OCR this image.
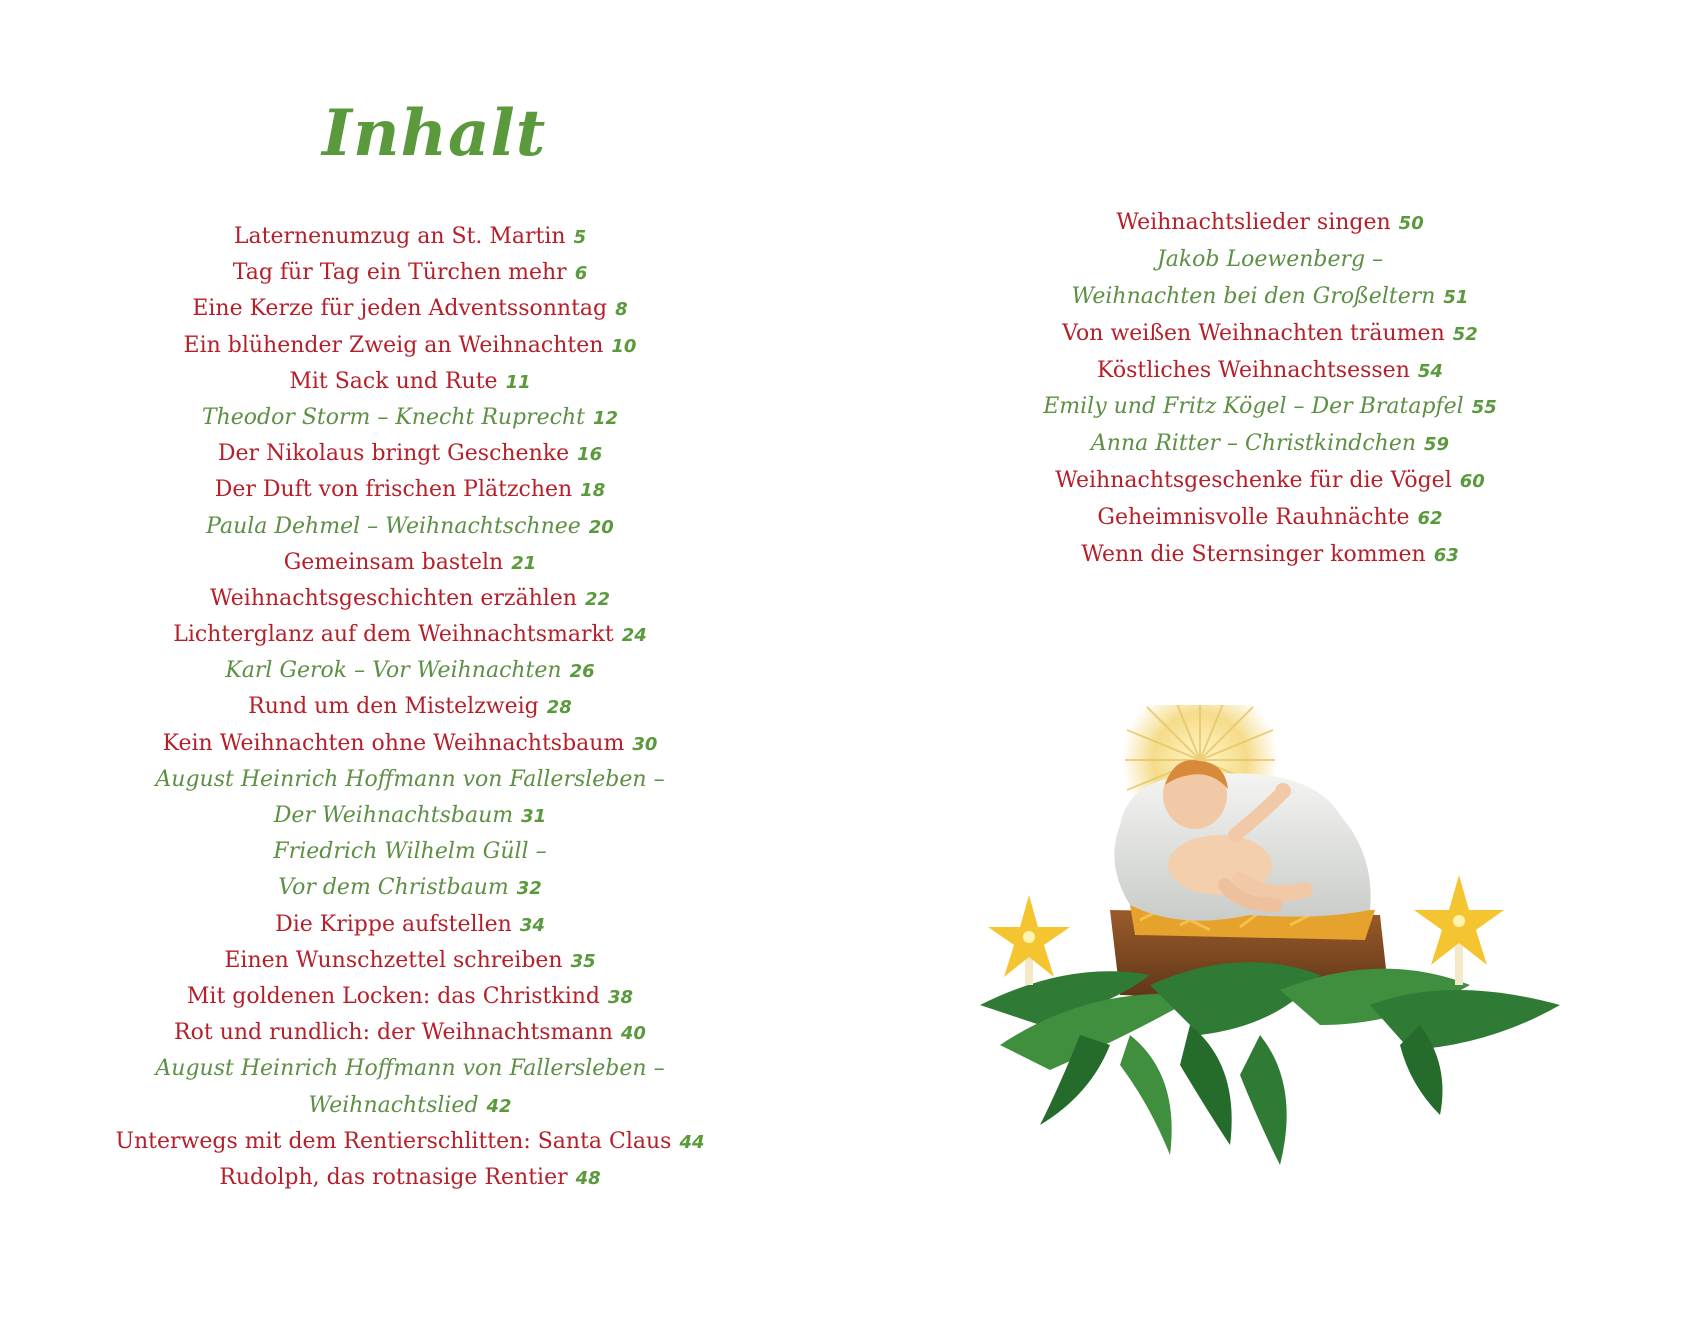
Inhalt
Laternenumzug an St. Martin 5
Tag für Tag ein Türchen mehr 6
Eine Kerze für jeden Adventssonntag 8
Ein blühender Zweig an Weihnachten 10
Mit Sack und Rute 11
Theodor Storm – Knecht Ruprecht 12
Der Nikolaus bringt Geschenke 16
Der Duft von frischen Plätzchen 18
Paula Dehmel – Weihnachtschnee 20
Gemeinsam basteln 21
Weihnachtsgeschichten erzählen 22
Lichterglanz auf dem Weihnachtsmarkt 24
Karl Gerok – Vor Weihnachten 26
Rund um den Mistelzweig 28
Kein Weihnachten ohne Weihnachtsbaum 30
August Heinrich Hoffmann von Fallersleben –
Der Weihnachtsbaum 31
Friedrich Wilhelm Güll –
Vor dem Christbaum 32
Die Krippe aufstellen 34
Einen Wunschzettel schreiben 35
Mit goldenen Locken: das Christkind 38
Rot und rundlich: der Weihnachtsmann 40
August Heinrich Hoffmann von Fallersleben –
Weihnachtslied 42
Unterwegs mit dem Rentierschlitten: Santa Claus 44
Rudolph, das rotnasige Rentier 48
Weihnachtslieder singen 50
Jakob Loewenberg –
Weihnachten bei den Großeltern 51
Von weißen Weihnachten träumen 52
Köstliches Weihnachtsessen 54
Emily und Fritz Kögel – Der Bratapfel 55
Anna Ritter – Christkindchen 59
Weihnachtsgeschenke für die Vögel 60
Geheimnisvolle Rauhnächte 62
Wenn die Sternsinger kommen 63
